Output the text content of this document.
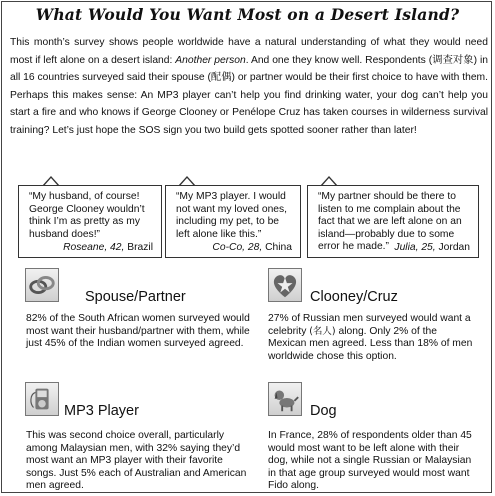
What Would You Want Most on a Desert Island?
This month’s survey shows people worldwide have a natural understanding of what they would need most if left alone on a desert island: Another person. And one they know well. Respondents (调查对象) in all 16 countries surveyed said their spouse (配偶) or partner would be their first choice to have with them. Perhaps this makes sense: An MP3 player can’t help you find drinking water, your dog can’t help you start a fire and who knows if George Clooney or Penélope Cruz has taken courses in wilderness survival training? Let’s just hope the SOS sign you two build gets spotted sooner rather than later!
“My husband, of course! George Clooney wouldn’t think I’m as pretty as my husband does!”
Roseane, 42, Brazil
“My MP3 player. I would not want my loved ones, including my pet, to be left alone like this.”
Co-Co, 28, China
“My partner should be there to listen to me complain about the fact that we are left alone on an island—probably due to some error he made.” Julia, 25, Jordan
Spouse/Partner
82% of the South African women surveyed would most want their husband/partner with them, while just 45% of the Indian women surveyed agreed.
Clooney/Cruz
27% of Russian men surveyed would want a celebrity (名人) along. Only 2% of the Mexican men agreed. Less than 18% of men worldwide chose this option.
MP3 Player
This was second choice overall, particularly among Malaysian men, with 32% saying they’d most want an MP3 player with their favorite songs. Just 5% each of Australian and American men agreed.
Dog
In France, 28% of respondents older than 45 would most want to be left alone with their dog, while not a single Russian or Malaysian in that age group surveyed would most want Fido along.
